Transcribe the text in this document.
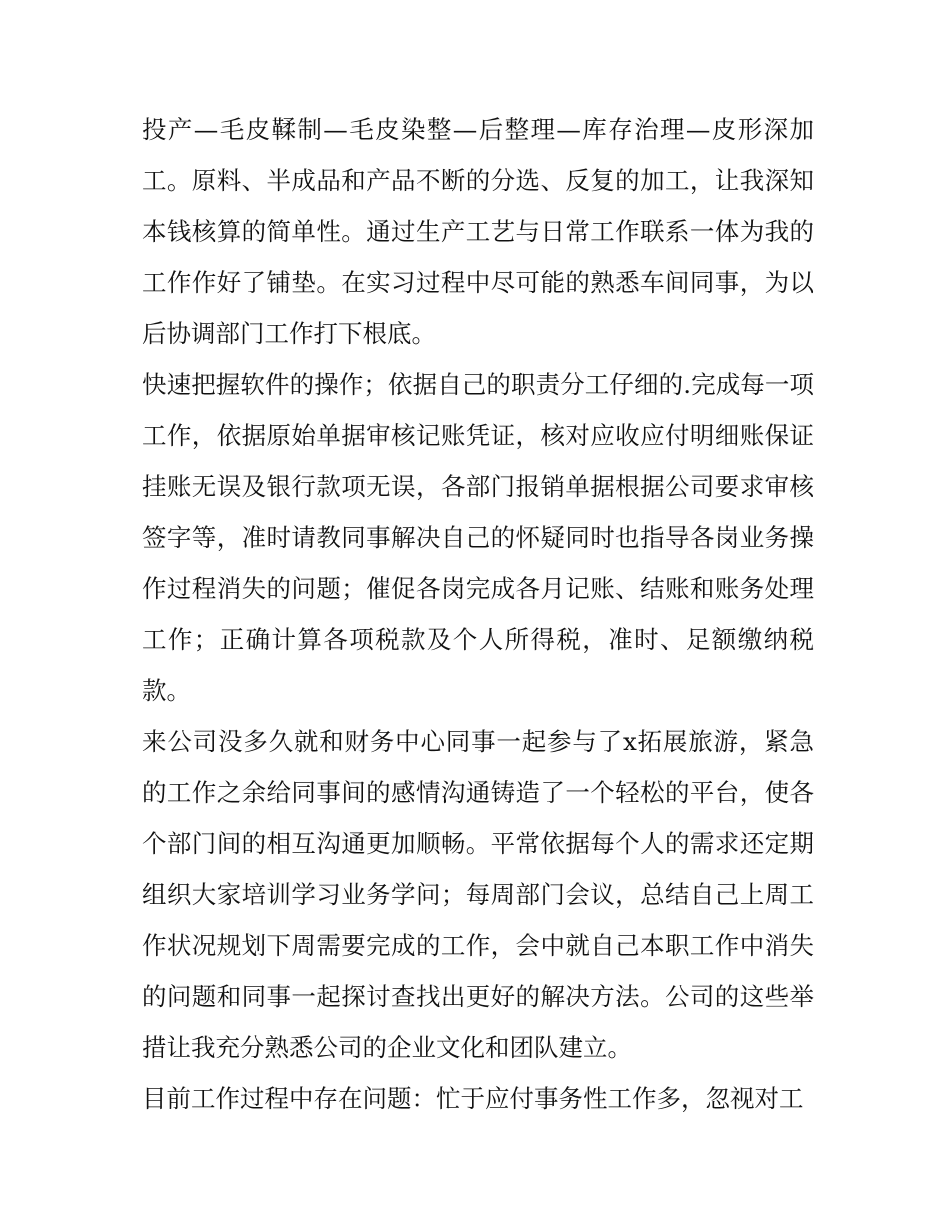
投产—毛皮鞣制—毛皮染整—后整理—库存治理—皮形深加工。原料、半成品和产品不断的分选、反复的加工，让我深知本钱核算的简单性。通过生产工艺与日常工作联系一体为我的工作作好了铺垫。在实习过程中尽可能的熟悉车间同事，为以后协调部门工作打下根底。

快速把握软件的操作；依据自己的职责分工仔细的.完成每一项工作，依据原始单据审核记账凭证，核对应收应付明细账保证挂账无误及银行款项无误，各部门报销单据根据公司要求审核签字等，准时请教同事解决自己的怀疑同时也指导各岗业务操作过程消失的问题；催促各岗完成各月记账、结账和账务处理工作；正确计算各项税款及个人所得税，准时、足额缴纳税款。

来公司没多久就和财务中心同事一起参与了x拓展旅游，紧急的工作之余给同事间的感情沟通铸造了一个轻松的平台，使各个部门间的相互沟通更加顺畅。平常依据每个人的需求还定期组织大家培训学习业务学问；每周部门会议，总结自己上周工作状况规划下周需要完成的工作，会中就自己本职工作中消失的问题和同事一起探讨查找出更好的解决方法。公司的这些举措让我充分熟悉公司的企业文化和团队建立。

目前工作过程中存在问题：忙于应付事务性工作多，忽视对工
